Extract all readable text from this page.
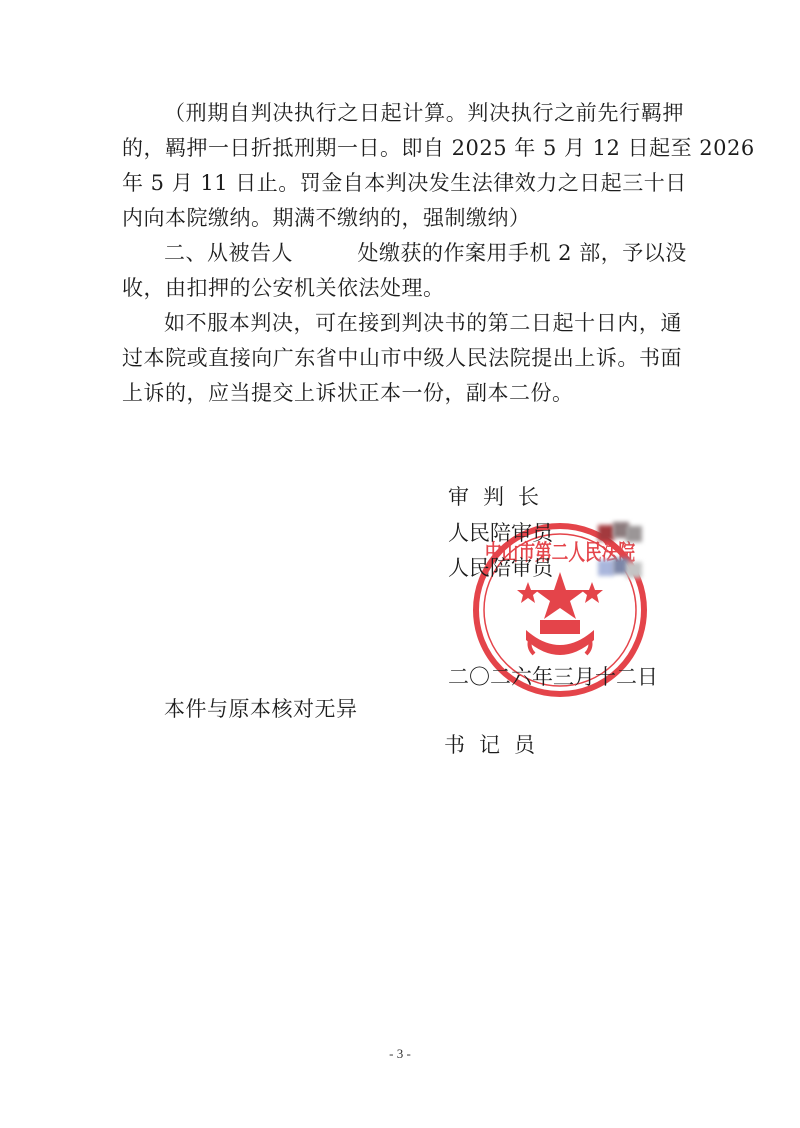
（刑期自判决执行之日起计算。判决执行之前先行羁押
的，羁押一日折抵刑期一日。即自 2025 年 5 月 12 日起至 2026
年 5 月 11 日止。罚金自本判决发生法律效力之日起三十日
内向本院缴纳。期满不缴纳的，强制缴纳）
二、从被告人　　　处缴获的作案用手机 2 部，予以没
收，由扣押的公安机关依法处理。
如不服本判决，可在接到判决书的第二日起十日内，通
过本院或直接向广东省中山市中级人民法院提出上诉。书面
上诉的，应当提交上诉状正本一份，副本二份。
中山市第二人民法院
审判长
人民陪审员
人民陪审员
二〇二六年三月十二日
本件与原本核对无异
书记员
- 3 -
